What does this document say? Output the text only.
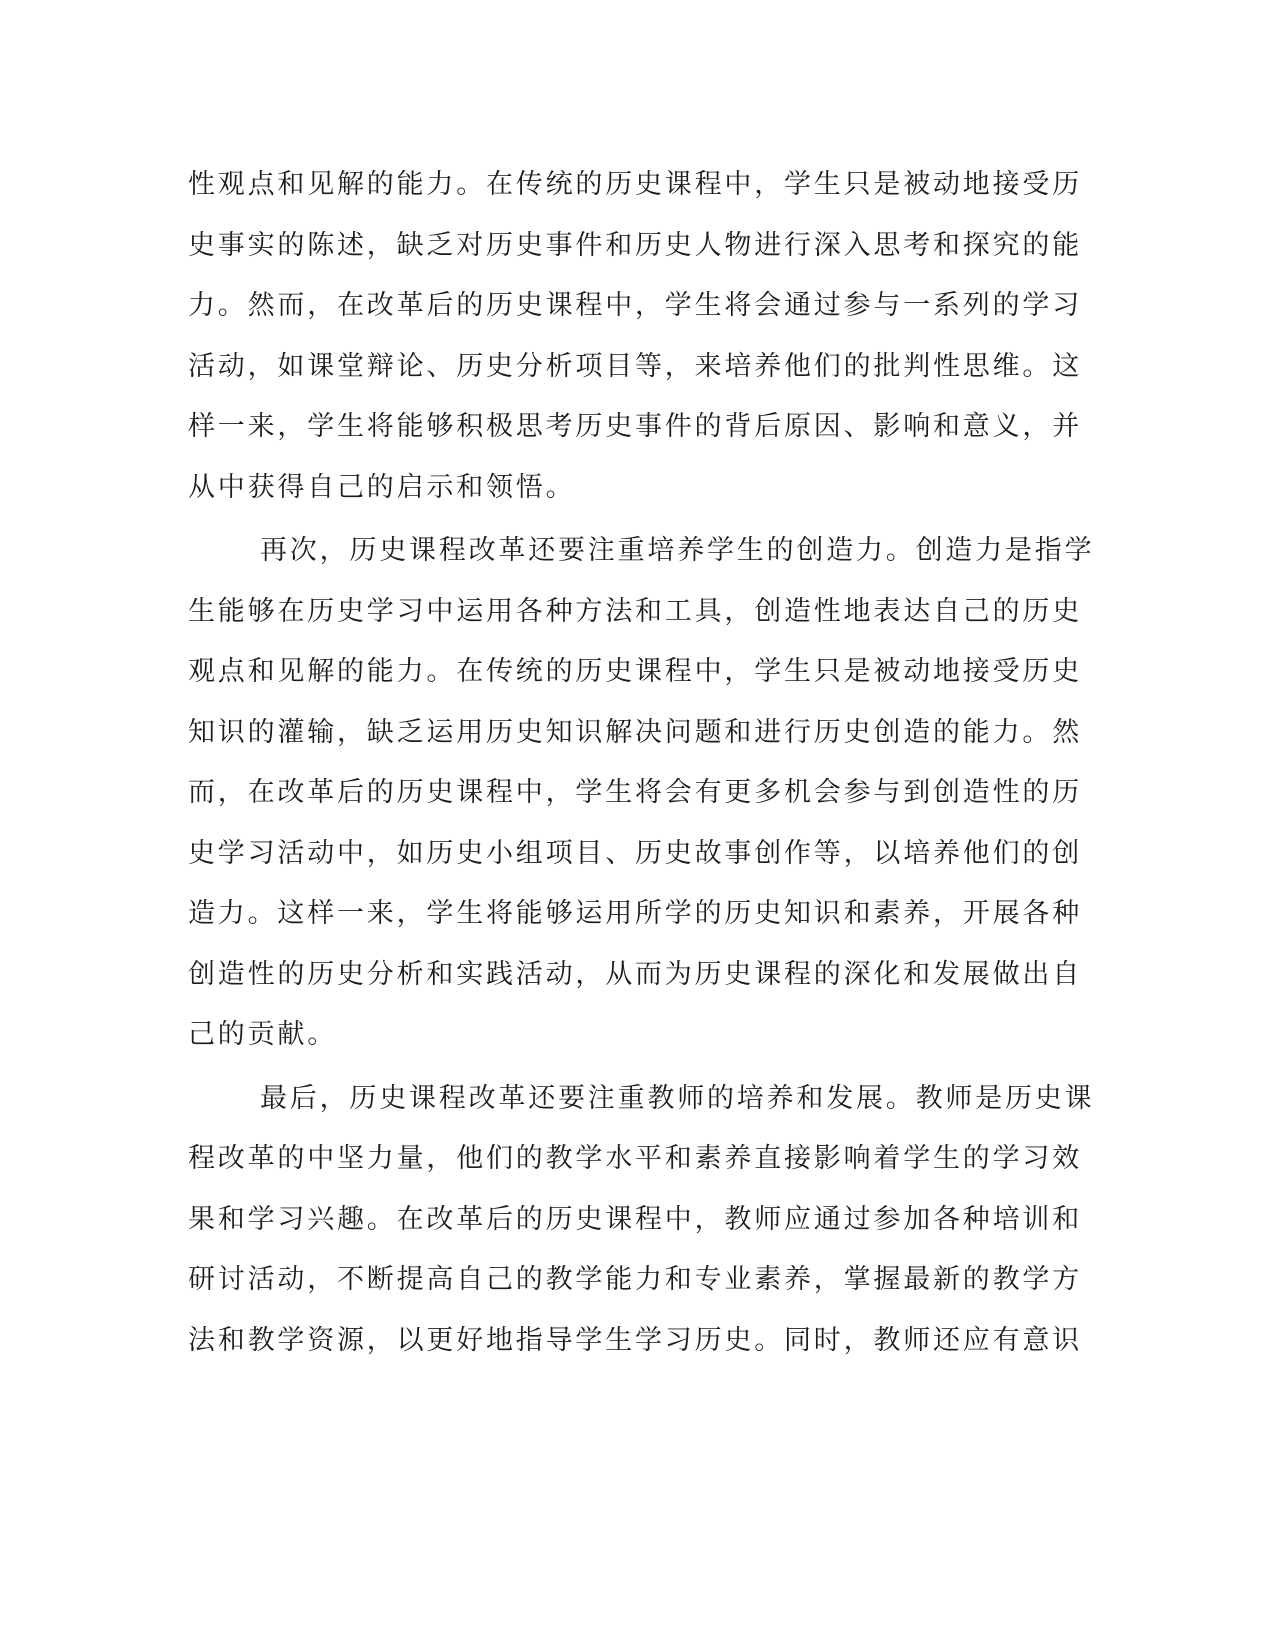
性观点和见解的能力。在传统的历史课程中，学生只是被动地接受历
史事实的陈述，缺乏对历史事件和历史人物进行深入思考和探究的能
力。然而，在改革后的历史课程中，学生将会通过参与一系列的学习
活动，如课堂辩论、历史分析项目等，来培养他们的批判性思维。这
样一来，学生将能够积极思考历史事件的背后原因、影响和意义，并
从中获得自己的启示和领悟。
再次，历史课程改革还要注重培养学生的创造力。创造力是指学
生能够在历史学习中运用各种方法和工具，创造性地表达自己的历史
观点和见解的能力。在传统的历史课程中，学生只是被动地接受历史
知识的灌输，缺乏运用历史知识解决问题和进行历史创造的能力。然
而，在改革后的历史课程中，学生将会有更多机会参与到创造性的历
史学习活动中，如历史小组项目、历史故事创作等，以培养他们的创
造力。这样一来，学生将能够运用所学的历史知识和素养，开展各种
创造性的历史分析和实践活动，从而为历史课程的深化和发展做出自
己的贡献。
最后，历史课程改革还要注重教师的培养和发展。教师是历史课
程改革的中坚力量，他们的教学水平和素养直接影响着学生的学习效
果和学习兴趣。在改革后的历史课程中，教师应通过参加各种培训和
研讨活动，不断提高自己的教学能力和专业素养，掌握最新的教学方
法和教学资源，以更好地指导学生学习历史。同时，教师还应有意识
